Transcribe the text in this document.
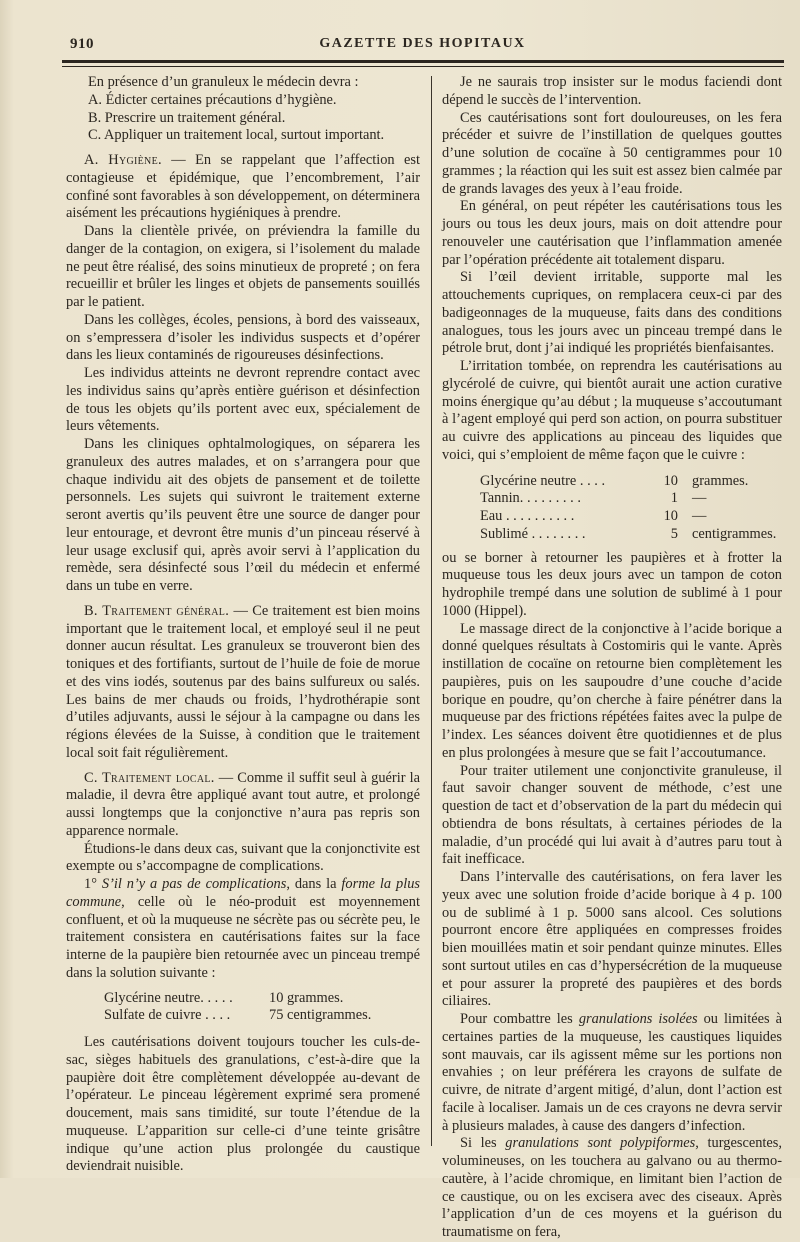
910	GAZETTE DES HOPITAUX

En présence d’un granuleux le médecin devra :

A. Édicter certaines précautions d’hygiène.

B. Prescrire un traitement général.

C. Appliquer un traitement local, surtout important.

A. Hygiène. — En se rappelant que l’affection est contagieuse et épidémique, que l’encombrement, l’air confiné sont favorables à son développement, on déterminera aisément les précautions hygiéniques à prendre.

Dans la clientèle privée, on préviendra la famille du danger de la contagion, on exigera, si l’isolement du malade ne peut être réalisé, des soins minutieux de propreté ; on fera recueillir et brûler les linges et objets de pansements souillés par le patient.

Dans les collèges, écoles, pensions, à bord des vaisseaux, on s’empressera d’isoler les individus suspects et d’opérer dans les lieux contaminés de rigoureuses désinfections.

Les individus atteints ne devront reprendre contact avec les individus sains qu’après entière guérison et désinfection de tous les objets qu’ils portent avec eux, spécialement de leurs vêtements.

Dans les cliniques ophtalmologiques, on séparera les granuleux des autres malades, et on s’arrangera pour que chaque individu ait des objets de pansement et de toilette personnels. Les sujets qui suivront le traitement externe seront avertis qu’ils peuvent être une source de danger pour leur entourage, et devront être munis d’un pinceau réservé à leur usage exclusif qui, après avoir servi à l’application du remède, sera désinfecté sous l’œil du médecin et enfermé dans un tube en verre.

B. Traitement général. — Ce traitement est bien moins important que le traitement local, et employé seul il ne peut donner aucun résultat. Les granuleux se trouveront bien des toniques et des fortifiants, surtout de l’huile de foie de morue et des vins iodés, soutenus par des bains sulfureux ou salés. Les bains de mer chauds ou froids, l’hydrothérapie sont d’utiles adjuvants, aussi le séjour à la campagne ou dans les régions élevées de la Suisse, à condition que le traitement local soit fait régulièrement.

C. Traitement local. — Comme il suffit seul à guérir la maladie, il devra être appliqué avant tout autre, et prolongé aussi longtemps que la conjonctive n’aura pas repris son apparence normale.

Étudions-le dans deux cas, suivant que la conjonctivite est exempte ou s’accompagne de complications.

1° S’il n’y a pas de complications, dans la forme la plus commune, celle où le néo-produit est moyennement confluent, et où la muqueuse ne sécrète pas ou sécrète peu, le traitement consistera en cautérisations faites sur la face interne de la paupière bien retournée avec un pinceau trempé dans la solution suivante :

Glycérine neutre. . . . .	10 grammes.
Sulfate de cuivre . . . .	75 centigrammes.

Les cautérisations doivent toujours toucher les culs-de-sac, sièges habituels des granulations, c’est-à-dire que la paupière doit être complètement développée au-devant de l’opérateur. Le pinceau légèrement exprimé sera promené doucement, mais sans timidité, sur toute l’étendue de la muqueuse. L’apparition sur celle-ci d’une teinte grisâtre indique qu’une action plus prolongée du caustique deviendrait nuisible.

Je ne saurais trop insister sur le modus faciendi dont dépend le succès de l’intervention.

Ces cautérisations sont fort douloureuses, on les fera précéder et suivre de l’instillation de quelques gouttes d’une solution de cocaïne à 50 centigrammes pour 10 grammes ; la réaction qui les suit est assez bien calmée par de grands lavages des yeux à l’eau froide.

En général, on peut répéter les cautérisations tous les jours ou tous les deux jours, mais on doit attendre pour renouveler une cautérisation que l’inflammation amenée par l’opération précédente ait totalement disparu.

Si l’œil devient irritable, supporte mal les attouchements cupriques, on remplacera ceux-ci par des badigeonnages de la muqueuse, faits dans des conditions analogues, tous les jours avec un pinceau trempé dans le pétrole brut, dont j’ai indiqué les propriétés bienfaisantes.

L’irritation tombée, on reprendra les cautérisations au glycérolé de cuivre, qui bientôt aurait une action curative moins énergique qu’au début ; la muqueuse s’accoutumant à l’agent employé qui perd son action, on pourra substituer au cuivre des applications au pinceau des liquides que voici, qui s’emploient de même façon que le cuivre :

Glycérine neutre . . . .	10	grammes.
Tannin. . . . . . . . .	1	—
Eau . . . . . . . . . .	10	—
Sublimé . . . . . . . .	5	centigrammes.

ou se borner à retourner les paupières et à frotter la muqueuse tous les deux jours avec un tampon de coton hydrophile trempé dans une solution de sublimé à 1 pour 1000 (Hippel).

Le massage direct de la conjonctive à l’acide borique a donné quelques résultats à Costomiris qui le vante. Après instillation de cocaïne on retourne bien complètement les paupières, puis on les saupoudre d’une couche d’acide borique en poudre, qu’on cherche à faire pénétrer dans la muqueuse par des frictions répétées faites avec la pulpe de l’index. Les séances doivent être quotidiennes et de plus en plus prolongées à mesure que se fait l’accoutumance.

Pour traiter utilement une conjonctivite granuleuse, il faut savoir changer souvent de méthode, c’est une question de tact et d’observation de la part du médecin qui obtiendra de bons résultats, à certaines périodes de la maladie, d’un procédé qui lui avait à d’autres paru tout à fait inefficace.

Dans l’intervalle des cautérisations, on fera laver les yeux avec une solution froide d’acide borique à 4 p. 100 ou de sublimé à 1 p. 5000 sans alcool. Ces solutions pourront encore être appliquées en compresses froides bien mouillées matin et soir pendant quinze minutes. Elles sont surtout utiles en cas d’hypersécrétion de la muqueuse et pour assurer la propreté des paupières et des bords ciliaires.

Pour combattre les granulations isolées ou limitées à certaines parties de la muqueuse, les caustiques liquides sont mauvais, car ils agissent même sur les portions non envahies ; on leur préférera les crayons de sulfate de cuivre, de nitrate d’argent mitigé, d’alun, dont l’action est facile à localiser. Jamais un de ces crayons ne devra servir à plusieurs malades, à cause des dangers d’infection.

Si les granulations sont polypiformes, turgescentes, volumineuses, on les touchera au galvano ou au thermo-cautère, à l’acide chromique, en limitant bien l’action de ce caustique, ou on les excisera avec des ciseaux. Après l’application d’un de ces moyens et la guérison du traumatisme on fera,
